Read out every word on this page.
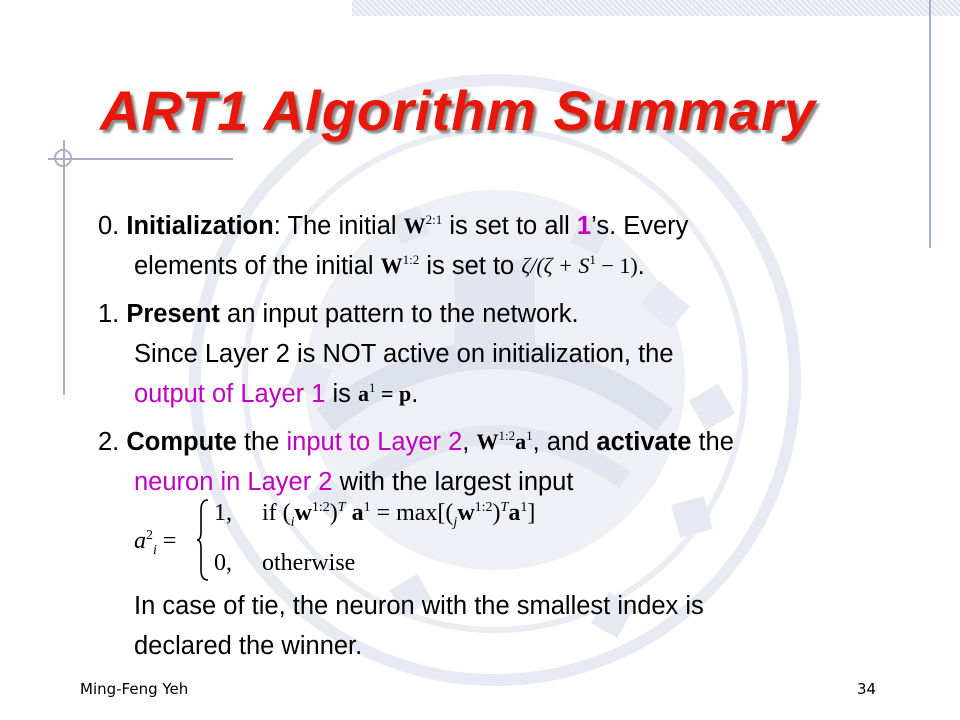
ART1 Algorithm Summary
0. Initialization: The initial $W^{2:1}$ is set to all 1’s. Every
elements of the initial $W^{1:2}$ is set to $\zeta/(\zeta + S^1 - 1)$.
1. Present an input pattern to the network.
Since Layer 2 is NOT active on initialization, the
output of Layer 1 is $a^1 = p$.
2. Compute the input to Layer 2, $W^{1:2}a^1$, and activate the
neuron in Layer 2 with the largest input
$a^2_i$ =
1, if $(_iw^{1:2})^T$ $a^1 = \max[(_jw^{1:2})^Ta^1]$
0, otherwise
In case of tie, the neuron with the smallest index is
declared the winner.
Ming-Feng Yeh	34
